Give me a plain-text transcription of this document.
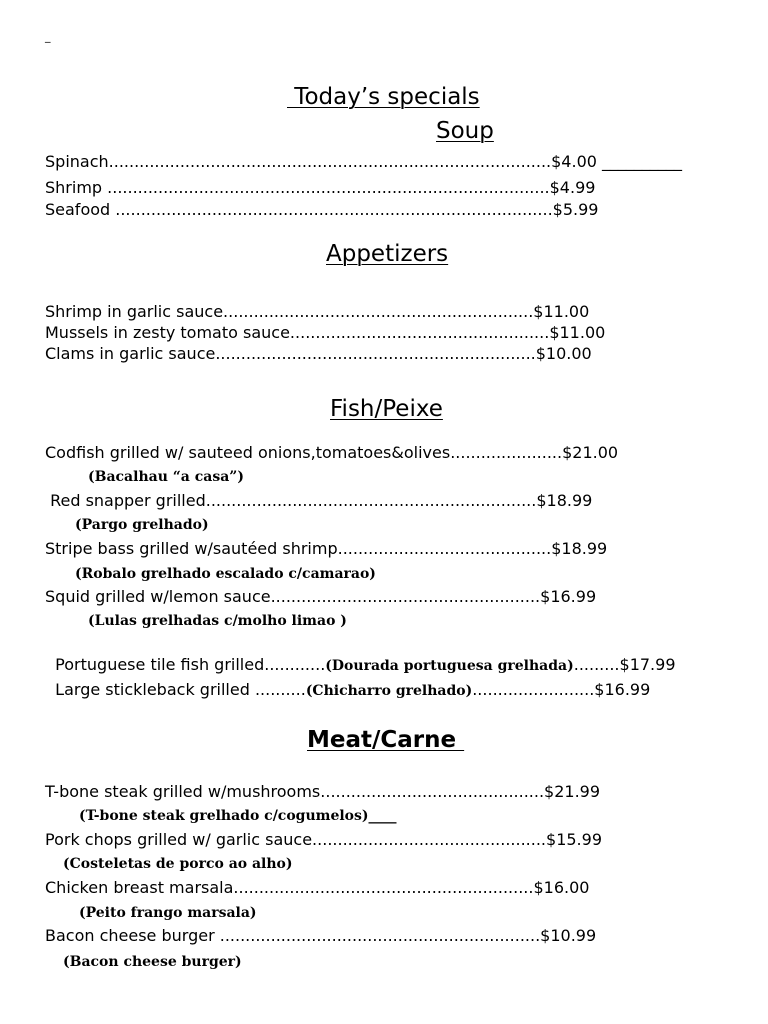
_
Today’s specials
Soup
Spinach.......................................................................................$4.00 __________
Shrimp .......................................................................................$4.99
Seafood ......................................................................................$5.99
Appetizers
Shrimp in garlic sauce.............................................................$11.00
Mussels in zesty tomato sauce...................................................$11.00
Clams in garlic sauce...............................................................$10.00
Fish/Peixe
Codfish grilled w/ sauteed onions,tomatoes&olives......................$21.00
(Bacalhau “a casa”)
Red snapper grilled.................................................................$18.99
(Pargo grelhado)
Stripe bass grilled w/sautéed shrimp..........................................$18.99
(Robalo grelhado escalado c/camarao)
Squid grilled w/lemon sauce.....................................................$16.99
(Lulas grelhadas c/molho limao )

Portuguese tile fish grilled............(Dourada portuguesa grelhada).........$17.99

Large stickleback grilled ..........(Chicharro grelhado)........................$16.99

Meat/Carne
T-bone steak grilled w/mushrooms............................................$21.99
(T-bone steak grelhado c/cogumelos)____
Pork chops grilled w/ garlic sauce..............................................$15.99
(Costeletas de porco ao alho)
Chicken breast marsala...........................................................$16.00
(Peito frango marsala)
Bacon cheese burger ...............................................................$10.99
(Bacon cheese burger)
